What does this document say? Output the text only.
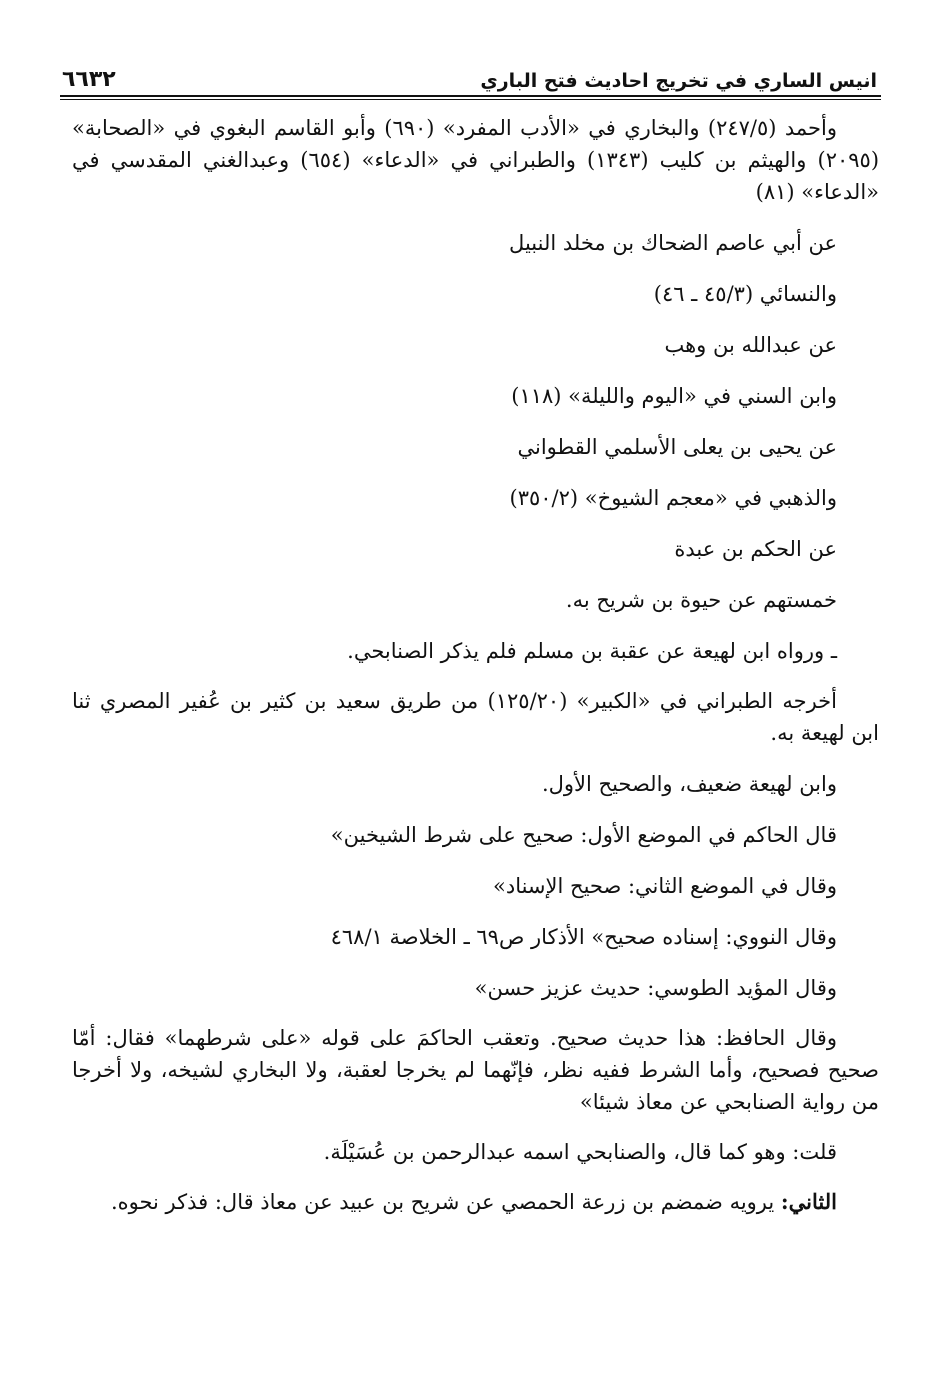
انيس الساري في تخريج احاديث فتح الباري
٦٦٣٢

وأحمد (٢٤٧/٥) والبخاري في «الأدب المفرد» (٦٩٠) وأبو القاسم البغوي في «الصحابة» (٢٠٩٥) والهيثم بن كليب (١٣٤٣) والطبراني في «الدعاء» (٦٥٤) وعبدالغني المقدسي في «الدعاء» (٨١)

عن أبي عاصم الضحاك بن مخلد النبيل

والنسائي (٤٥/٣ ـ ٤٦)

عن عبدالله بن وهب

وابن السني في «اليوم والليلة» (١١٨)

عن يحيى بن يعلى الأسلمي القطواني

والذهبي في «معجم الشيوخ» (٣٥٠/٢)

عن الحكم بن عبدة

خمستهم عن حيوة بن شريح به.

ـ ورواه ابن لهيعة عن عقبة بن مسلم فلم يذكر الصنابحي.

أخرجه الطبراني في «الكبير» (١٢٥/٢٠) من طريق سعيد بن كثير بن عُفير المصري ثنا ابن لهيعة به.

وابن لهيعة ضعيف، والصحيح الأول.

قال الحاكم في الموضع الأول: صحيح على شرط الشيخين»

وقال في الموضع الثاني: صحيح الإسناد»

وقال النووي: إسناده صحيح» الأذكار ص٦٩ ـ الخلاصة ٤٦٨/١

وقال المؤيد الطوسي: حديث عزيز حسن»

وقال الحافظ: هذا حديث صحيح. وتعقب الحاكمَ على قوله «على شرطهما» فقال: أمّا صحيح فصحيح، وأما الشرط ففيه نظر، فإنّهما لم يخرجا لعقبة، ولا البخاري لشيخه، ولا أخرجا من رواية الصنابحي عن معاذ شيئا»

قلت: وهو كما قال، والصنابحي اسمه عبدالرحمن بن عُسَيْلَة.

الثاني: يرويه ضمضم بن زرعة الحمصي عن شريح بن عبيد عن معاذ قال: فذكر نحوه.
